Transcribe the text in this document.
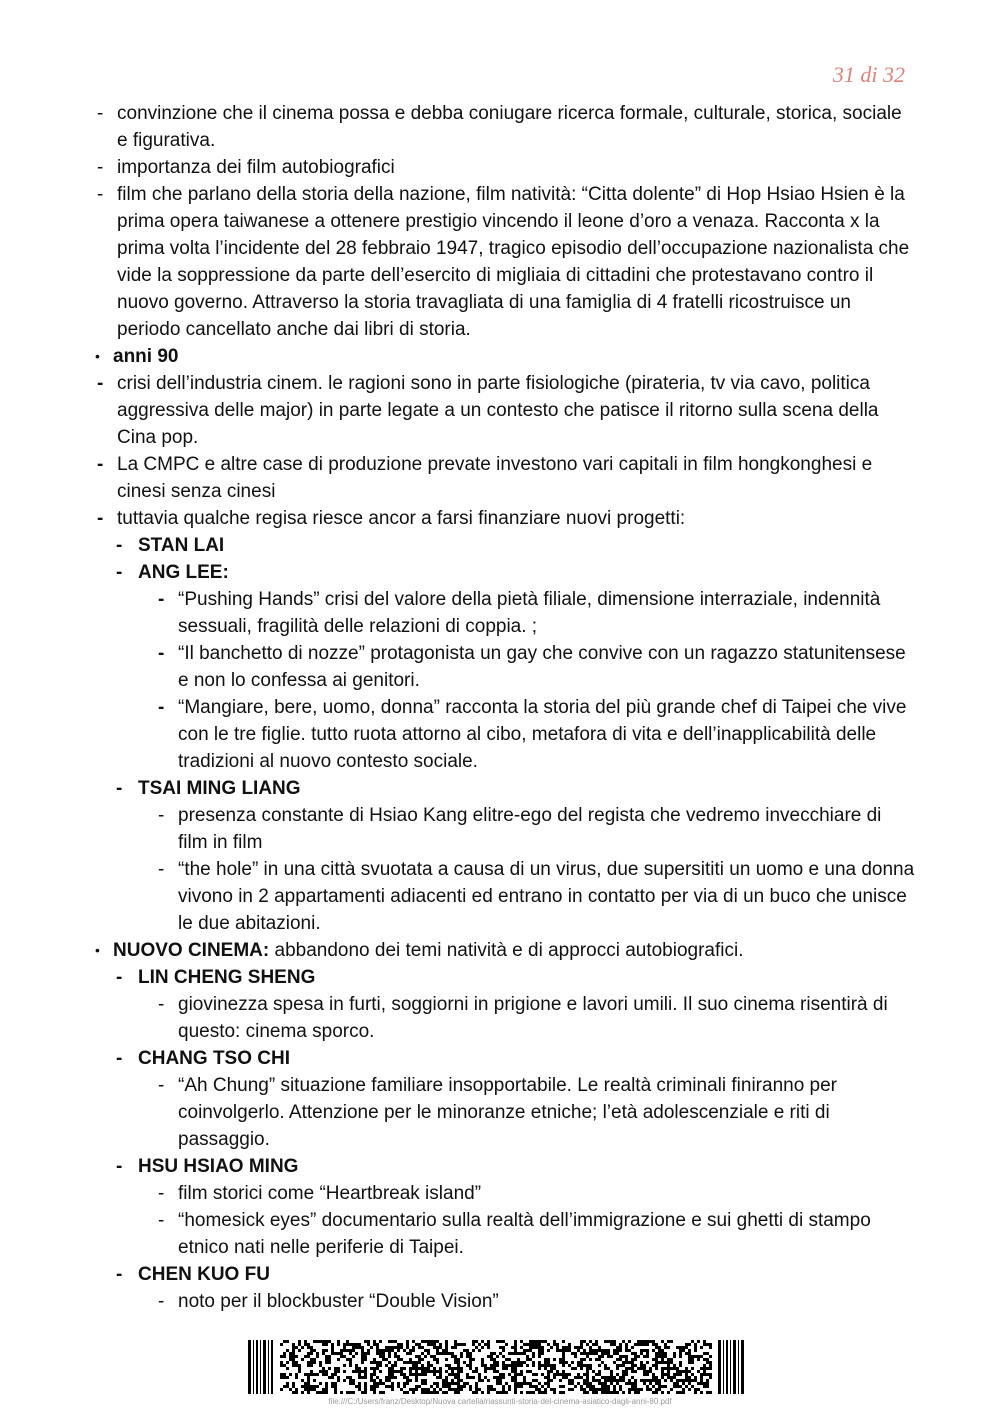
31 di 32
- convinzione che il cinema possa e debba coniugare ricerca formale, culturale, storica, sociale e figurativa.
- importanza dei film autobiografici
- film che parlano della storia della nazione, film natività: “Citta dolente” di Hop Hsiao Hsien è la prima opera taiwanese a ottenere prestigio vincendo il leone d’oro a venaza. Racconta x la prima volta l’incidente del 28 febbraio 1947, tragico episodio dell’occupazione nazionalista che vide la soppressione da parte dell’esercito di migliaia di cittadini che protestavano contro il nuovo governo. Attraverso la storia travagliata di una famiglia di 4 fratelli ricostruisce un periodo cancellato anche dai libri di storia.
• anni 90
- crisi dell’industria cinem. le ragioni sono in parte fisiologiche (pirateria, tv via cavo, politica aggressiva delle major) in parte legate a un contesto che patisce il ritorno sulla scena della Cina pop.
- La CMPC e altre case di produzione prevate investono vari capitali in film hongkonghesi e cinesi senza cinesi
- tuttavia qualche regisa riesce ancor a farsi finanziare nuovi progetti:
- STAN LAI
- ANG LEE:
- “Pushing Hands” crisi del valore della pietà filiale, dimensione interraziale, indennità sessuali, fragilità delle relazioni di coppia. ;
- “Il banchetto di nozze” protagonista un gay che convive con un ragazzo statunitensese e non lo confessa ai genitori.
- “Mangiare, bere, uomo, donna” racconta la storia del più grande chef di Taipei che vive con le tre figlie. tutto ruota attorno al cibo, metafora di vita e dell’inapplicabilità delle tradizioni al nuovo contesto sociale.
- TSAI MING LIANG
- presenza constante di Hsiao Kang elitre-ego del regista che vedremo invecchiare di film in film
- “the hole” in una città svuotata a causa di un virus, due supersititi un uomo e una donna vivono in 2 appartamenti adiacenti ed entrano in contatto per via di un buco che unisce le due abitazioni.
• NUOVO CINEMA: abbandono dei temi natività e di approcci autobiografici.
- LIN CHENG SHENG
- giovinezza spesa in furti, soggiorni in prigione e lavori umili. Il suo cinema risentirà di questo: cinema sporco.
- CHANG TSO CHI
- “Ah Chung” situazione familiare insopportabile. Le realtà criminali finiranno per coinvolgerlo. Attenzione per le minoranze etniche; l’età adolescenziale e riti di passaggio.
- HSU HSIAO MING
- film storici come “Heartbreak island”
- “homesick eyes” documentario sulla realtà dell’immigrazione e sui ghetti di stampo etnico nati nelle periferie di Taipei.
- CHEN KUO FU
- noto per il blockbuster “Double Vision”
file:///C:/Users/franz/Desktop/Nuova cartella/riassunti-storia-del-cinema-asiatico-dagli-anni-80.pdf
